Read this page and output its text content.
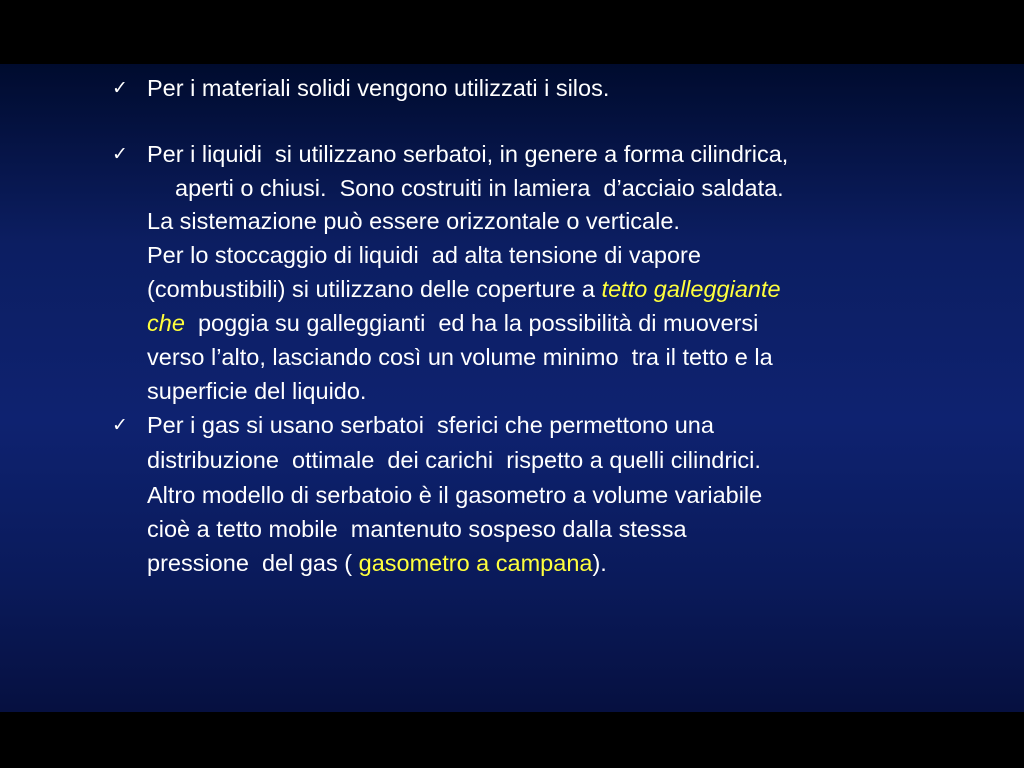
✓ Per i materiali solidi vengono utilizzati i silos.
✓ Per i liquidi  si utilizzano serbatoi, in genere a forma cilindrica,
aperti o chiusi.  Sono costruiti in lamiera  d’acciaio saldata.
La sistemazione può essere orizzontale o verticale.
Per lo stoccaggio di liquidi  ad alta tensione di vapore
(combustibili) si utilizzano delle coperture a tetto galleggiante
che  poggia su galleggianti  ed ha la possibilità di muoversi
verso l’alto, lasciando così un volume minimo  tra il tetto e la
superficie del liquido.
✓ Per i gas si usano serbatoi  sferici che permettono una
distribuzione  ottimale  dei carichi  rispetto a quelli cilindrici.
Altro modello di serbatoio è il gasometro a volume variabile
cioè a tetto mobile  mantenuto sospeso dalla stessa
pressione  del gas ( gasometro a campana).
